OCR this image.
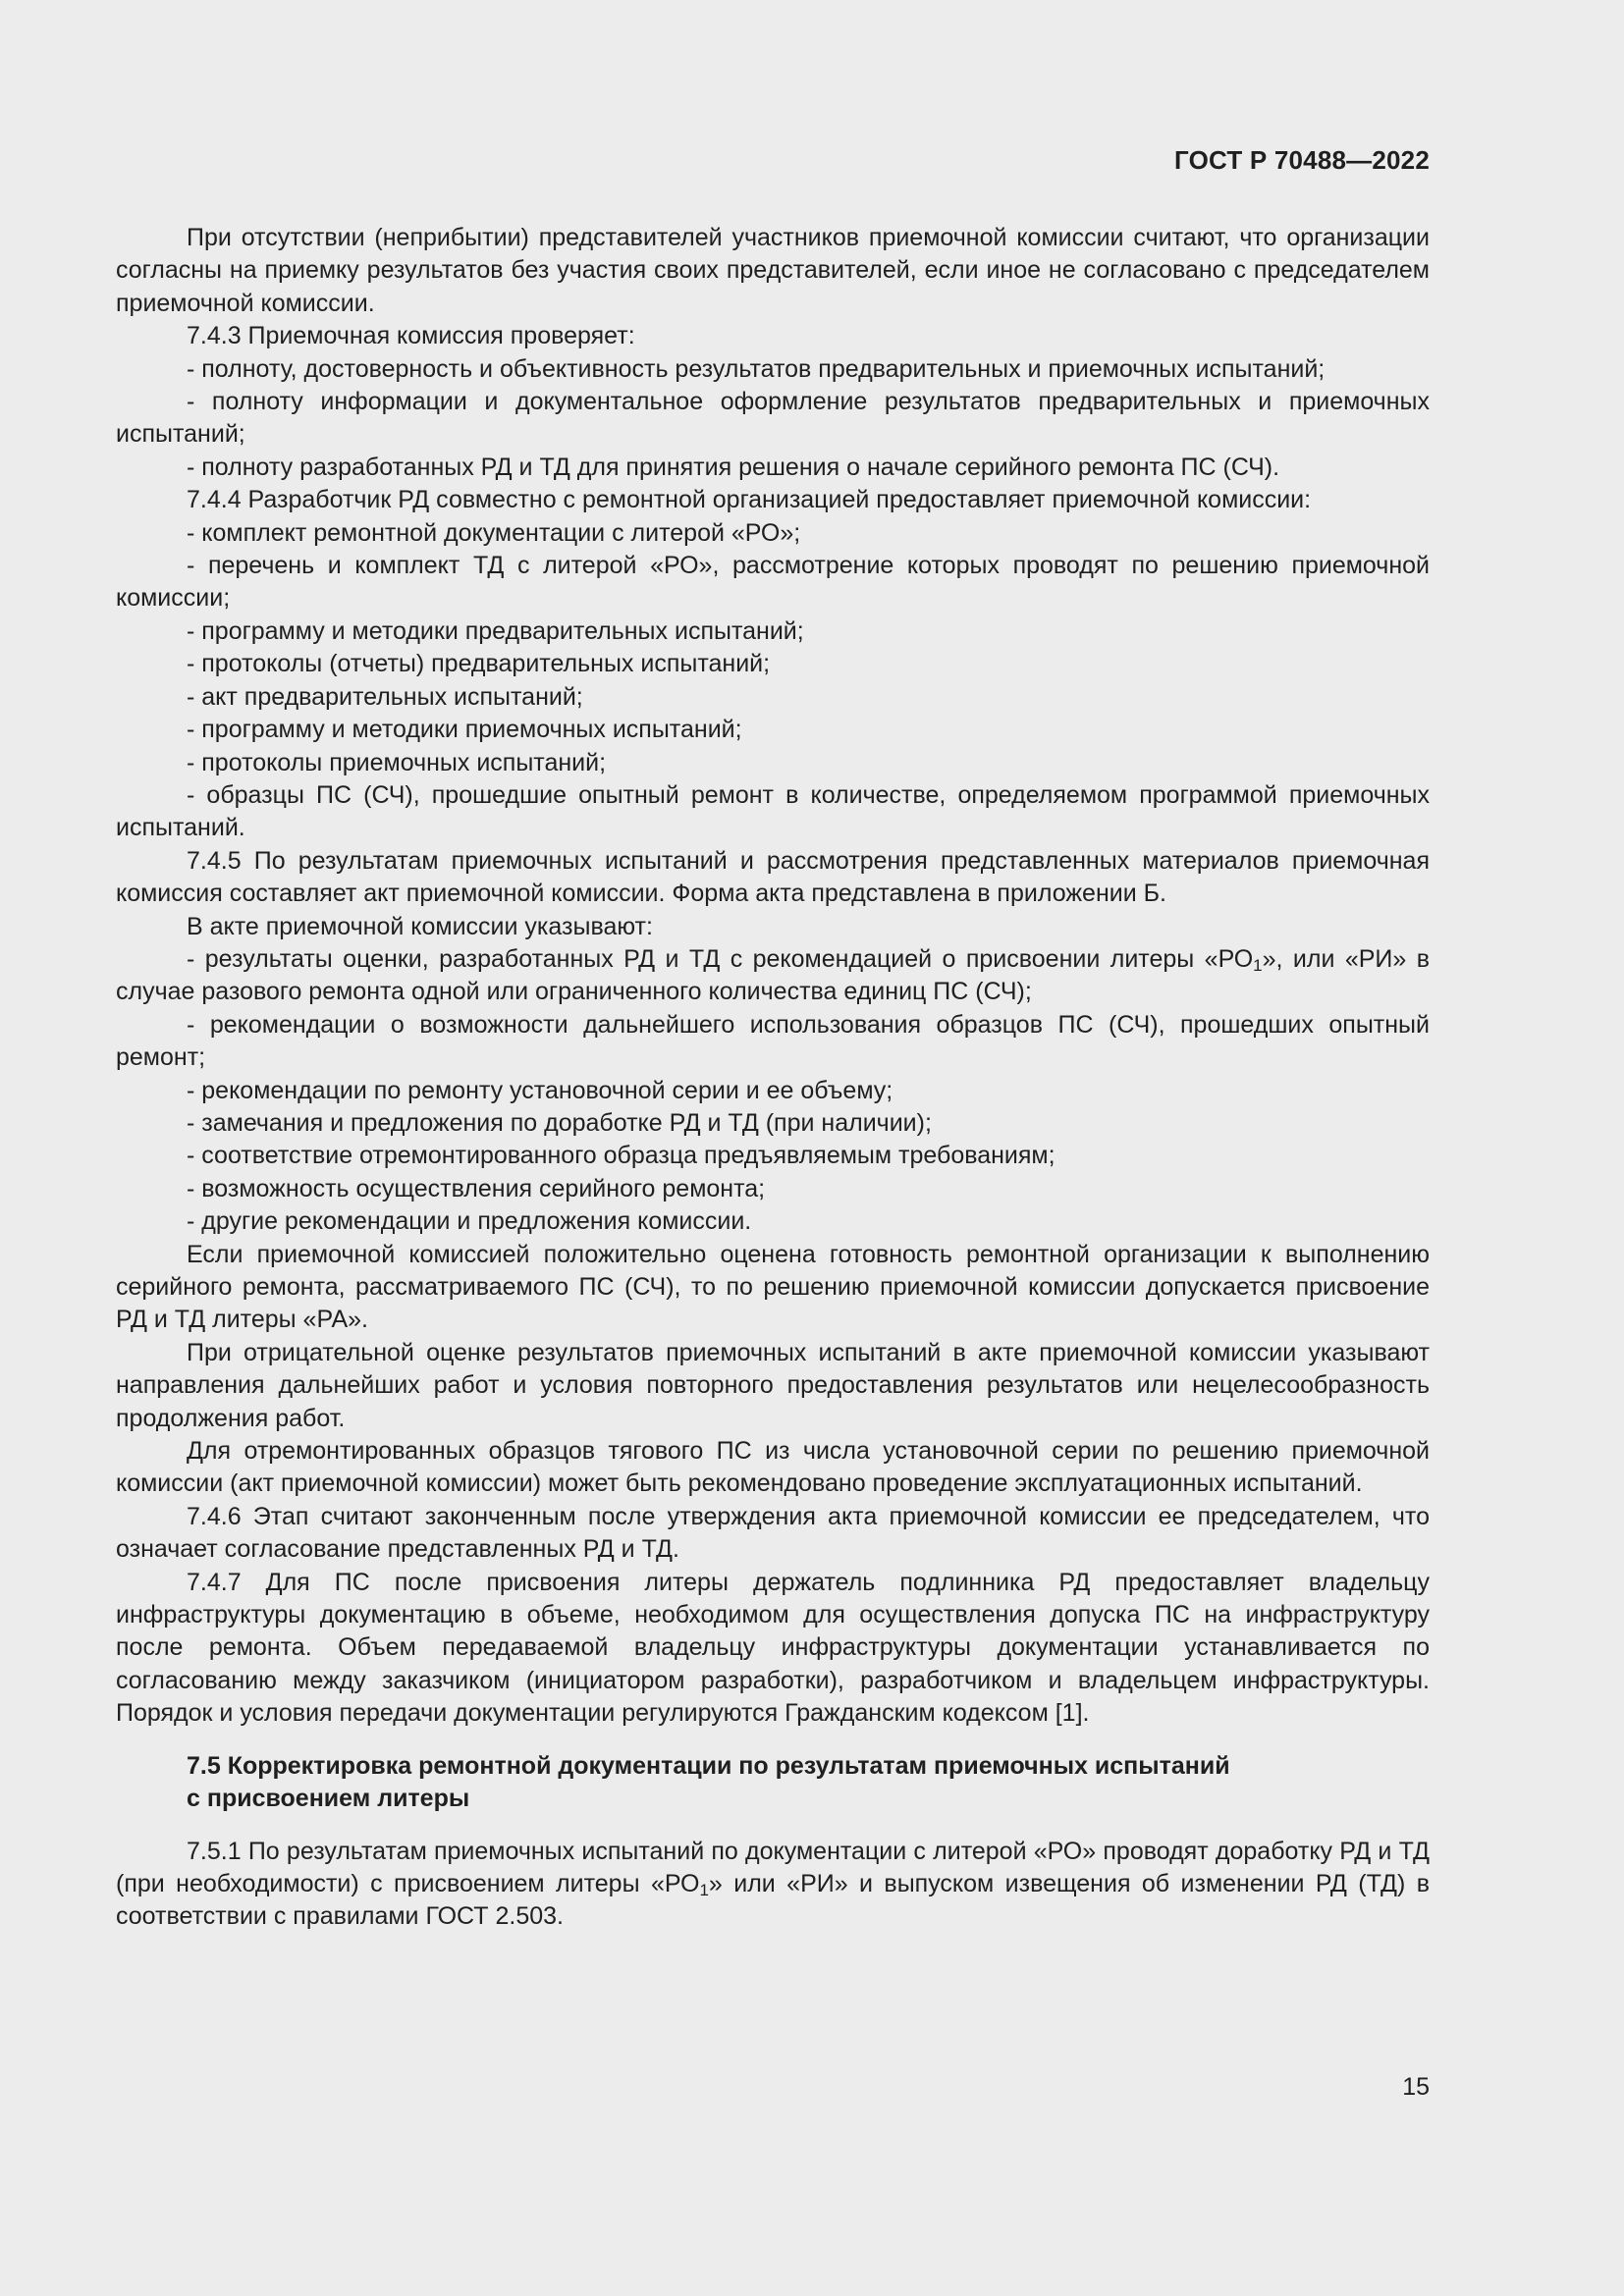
ГОСТ Р 70488—2022

При отсутствии (неприбытии) представителей участников приемочной комиссии считают, что организации согласны на приемку результатов без участия своих представителей, если иное не согласовано с председателем приемочной комиссии.

7.4.3 Приемочная комиссия проверяет:

- полноту, достоверность и объективность результатов предварительных и приемочных испытаний;

- полноту информации и документальное оформление результатов предварительных и приемочных испытаний;

- полноту разработанных РД и ТД для принятия решения о начале серийного ремонта ПС (СЧ).

7.4.4 Разработчик РД совместно с ремонтной организацией предоставляет приемочной комиссии:

- комплект ремонтной документации с литерой «РО»;

- перечень и комплект ТД с литерой «РО», рассмотрение которых проводят по решению приемочной комиссии;

- программу и методики предварительных испытаний;

- протоколы (отчеты) предварительных испытаний;

- акт предварительных испытаний;

- программу и методики приемочных испытаний;

- протоколы приемочных испытаний;

- образцы ПС (СЧ), прошедшие опытный ремонт в количестве, определяемом программой приемочных испытаний.

7.4.5 По результатам приемочных испытаний и рассмотрения представленных материалов приемочная комиссия составляет акт приемочной комиссии. Форма акта представлена в приложении Б.

В акте приемочной комиссии указывают:

- результаты оценки, разработанных РД и ТД с рекомендацией о присвоении литеры «$РО_1$», или «РИ» в случае разового ремонта одной или ограниченного количества единиц ПС (СЧ);

- рекомендации о возможности дальнейшего использования образцов ПС (СЧ), прошедших опытный ремонт;

- рекомендации по ремонту установочной серии и ее объему;

- замечания и предложения по доработке РД и ТД (при наличии);

- соответствие отремонтированного образца предъявляемым требованиям;

- возможность осуществления серийного ремонта;

- другие рекомендации и предложения комиссии.

Если приемочной комиссией положительно оценена готовность ремонтной организации к выполнению серийного ремонта, рассматриваемого ПС (СЧ), то по решению приемочной комиссии допускается присвоение РД и ТД литеры «РА».

При отрицательной оценке результатов приемочных испытаний в акте приемочной комиссии указывают направления дальнейших работ и условия повторного предоставления результатов или нецелесообразность продолжения работ.

Для отремонтированных образцов тягового ПС из числа установочной серии по решению приемочной комиссии (акт приемочной комиссии) может быть рекомендовано проведение эксплуатационных испытаний.

7.4.6 Этап считают законченным после утверждения акта приемочной комиссии ее председателем, что означает согласование представленных РД и ТД.

7.4.7 Для ПС после присвоения литеры держатель подлинника РД предоставляет владельцу инфраструктуры документацию в объеме, необходимом для осуществления допуска ПС на инфраструктуру после ремонта. Объем передаваемой владельцу инфраструктуры документации устанавливается по согласованию между заказчиком (инициатором разработки), разработчиком и владельцем инфраструктуры. Порядок и условия передачи документации регулируются Гражданским кодексом [1].

7.5 Корректировка ремонтной документации по результатам приемочных испытаний
с присвоением литеры

7.5.1 По результатам приемочных испытаний по документации с литерой «РО» проводят доработку РД и ТД (при необходимости) с присвоением литеры «$РО_1$» или «РИ» и выпуском извещения об изменении РД (ТД) в соответствии с правилами ГОСТ 2.503.

15
